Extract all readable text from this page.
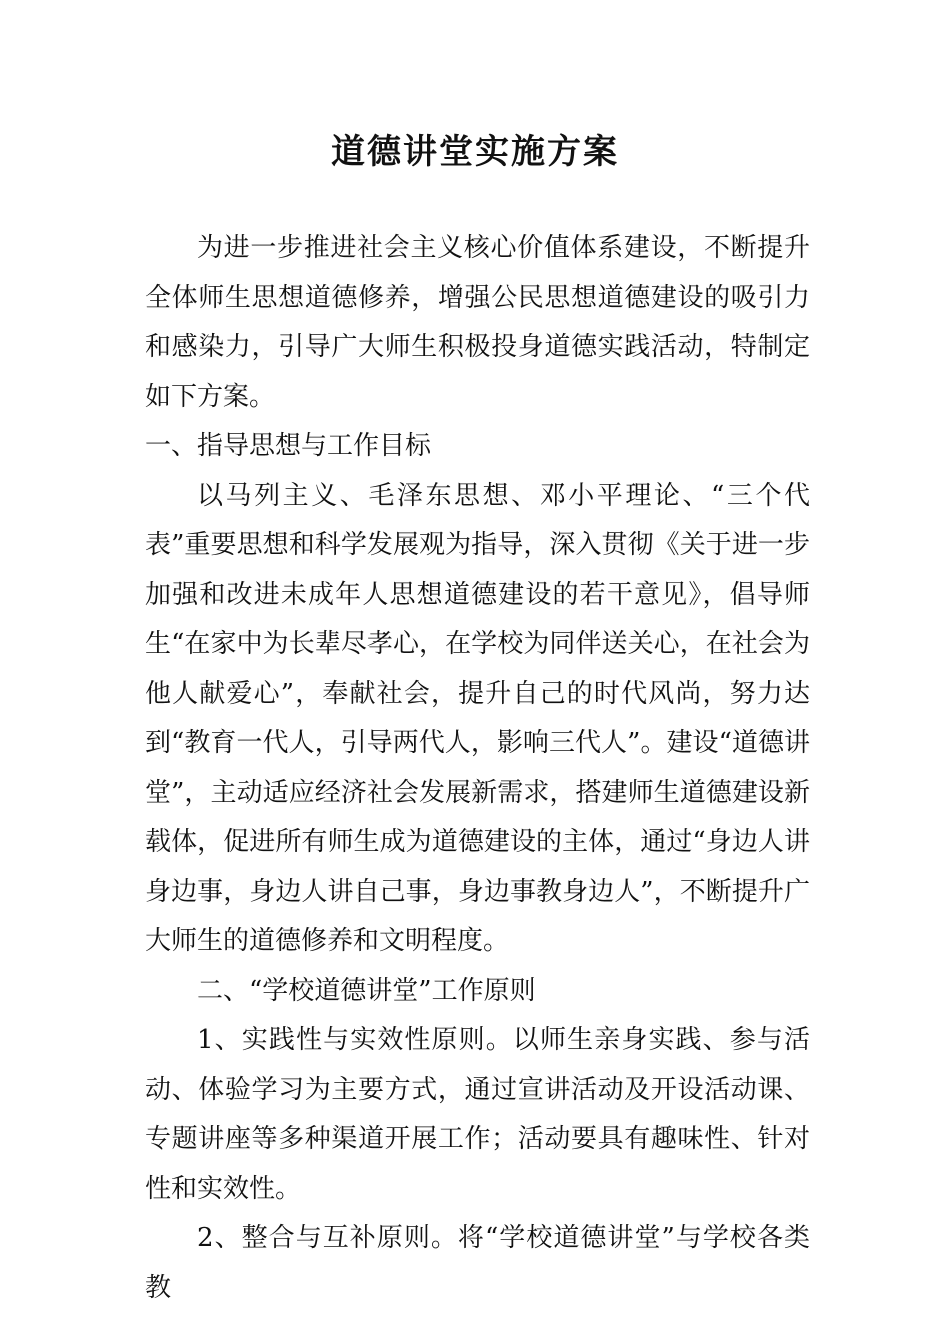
道德讲堂实施方案

为进一步推进社会主义核心价值体系建设，不断提升全体师生思想道德修养，增强公民思想道德建设的吸引力和感染力，引导广大师生积极投身道德实践活动，特制定如下方案。

一、指导思想与工作目标

以马列主义、毛泽东思想、邓小平理论、“三个代表”重要思想和科学发展观为指导，深入贯彻《关于进一步加强和改进未成年人思想道德建设的若干意见》，倡导师生“在家中为长辈尽孝心，在学校为同伴送关心，在社会为他人献爱心”，奉献社会，提升自己的时代风尚，努力达到“教育一代人，引导两代人，影响三代人”。建设“道德讲堂”，主动适应经济社会发展新需求，搭建师生道德建设新载体，促进所有师生成为道德建设的主体，通过“身边人讲身边事，身边人讲自己事，身边事教身边人”，不断提升广大师生的道德修养和文明程度。

二、“学校道德讲堂”工作原则

1、实践性与实效性原则。以师生亲身实践、参与活动、体验学习为主要方式，通过宣讲活动及开设活动课、专题讲座等多种渠道开展工作；活动要具有趣味性、针对性和实效性。

2、整合与互补原则。将“学校道德讲堂”与学校各类教
